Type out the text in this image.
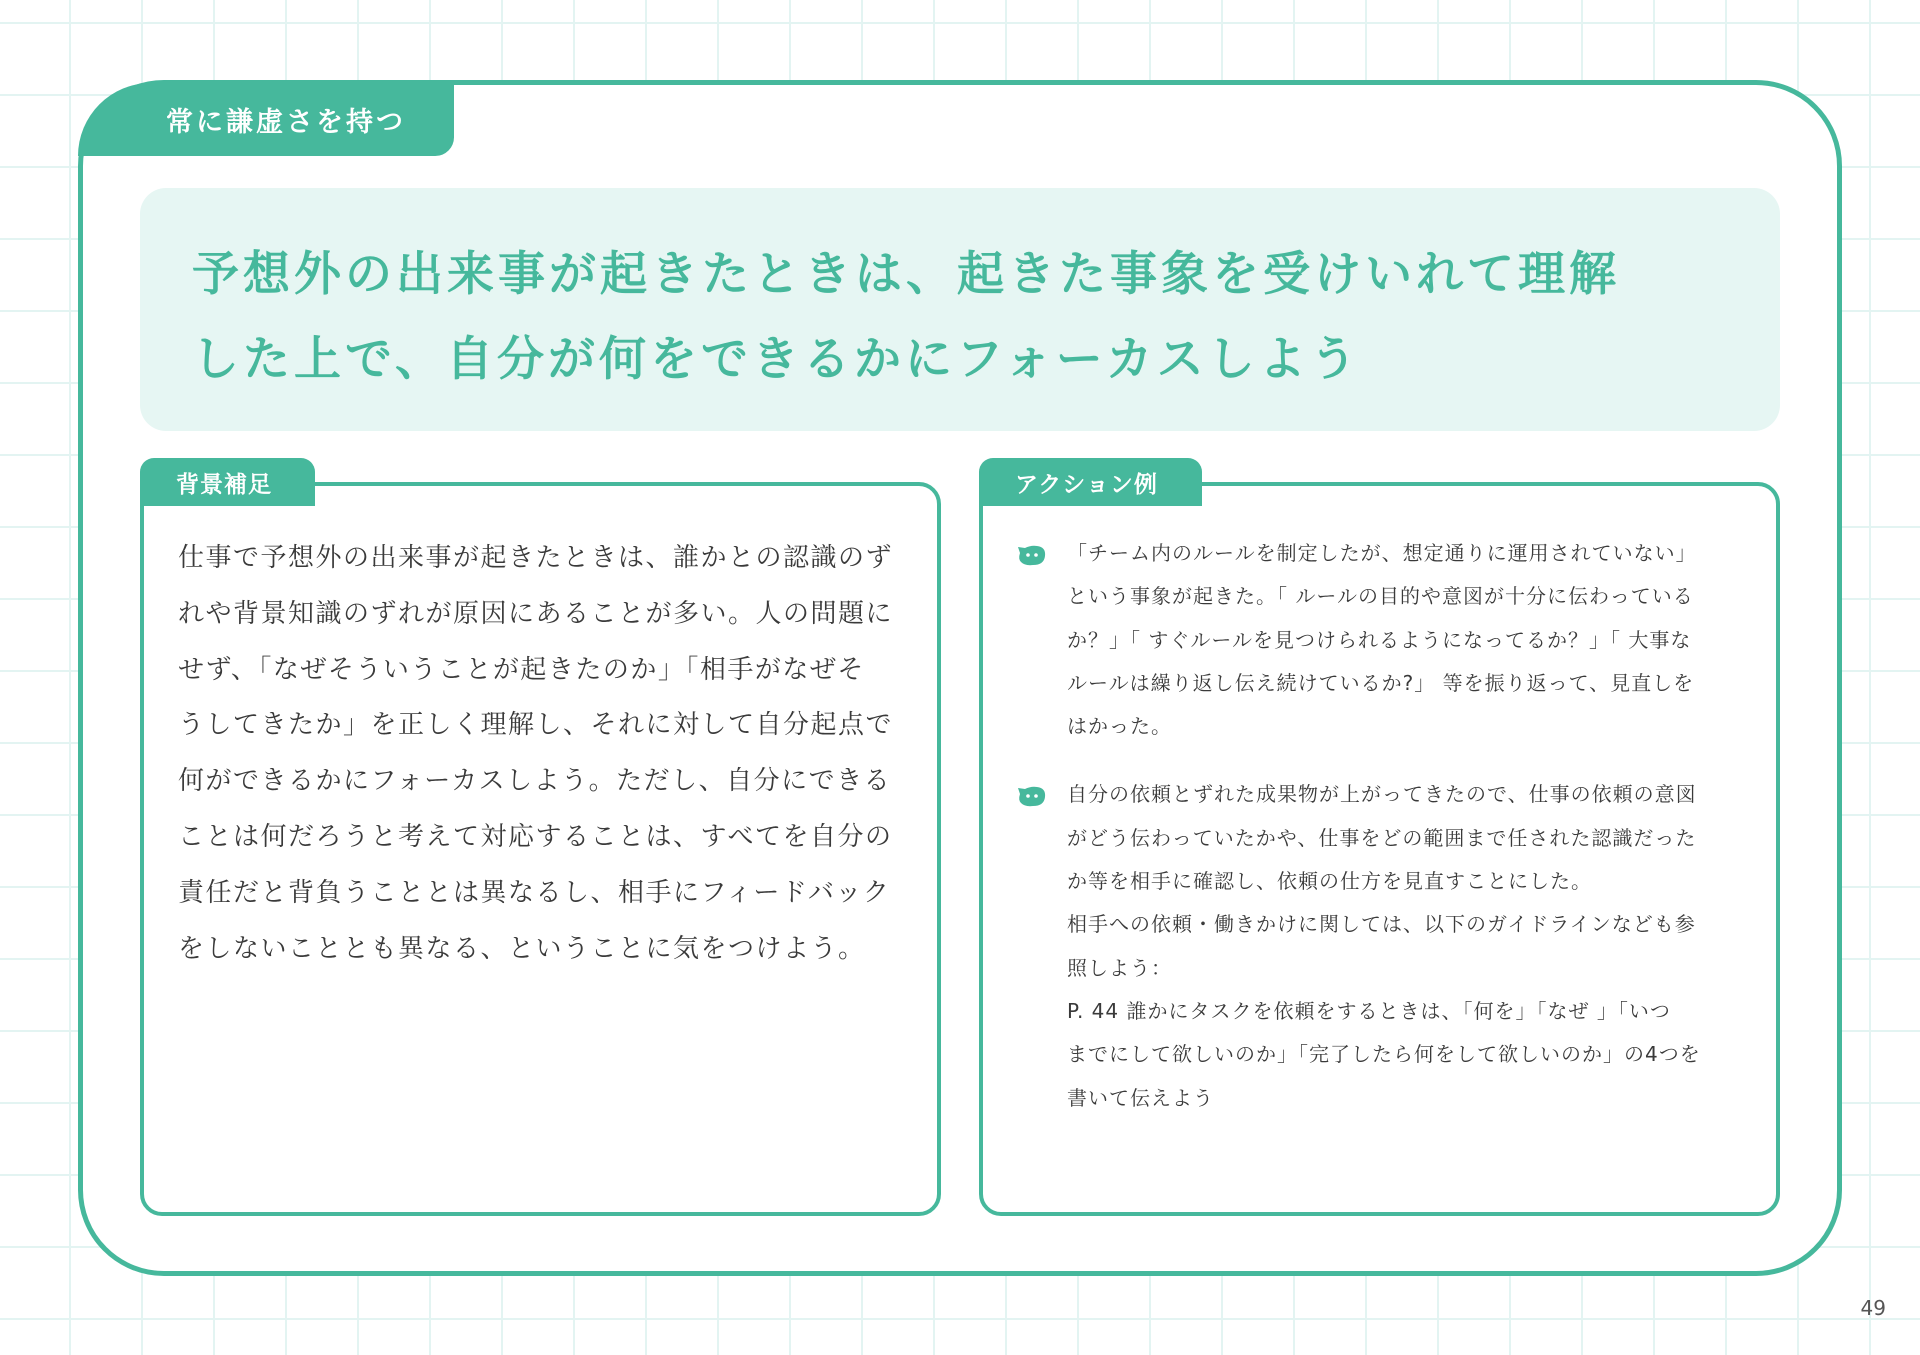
常に謙虚さを持つ

予想外の出来事が起きたときは、起きた事象を受けいれて理解

した上で、自分が何をできるかにフォーカスしよう

背景補足

仕事で予想外の出来事が起きたときは、誰かとの認識のず

れや背景知識のずれが原因にあることが多い。人の問題に

せず、「なぜそういうことが起きたのか」「相手がなぜそ

うしてきたか」を正しく理解し、それに対して自分起点で

何ができるかにフォーカスしよう。ただし、自分にできる

ことは何だろうと考えて対応することは、すべてを自分の

責任だと背負うこととは異なるし、相手にフィードバック

をしないこととも異なる、ということに気をつけよう。

アクション例

「チーム内のルールを制定したが、想定通りに運用されていない」

という事象が起きた。「 ルールの目的や意図が十分に伝わっている

か？」「 すぐルールを見つけられるようになってるか？」「 大事な

ルールは繰り返し伝え続けているか?」 等を振り返って、見直しを

はかった。

自分の依頼とずれた成果物が上がってきたので、仕事の依頼の意図

がどう伝わっていたかや、仕事をどの範囲まで任された認識だった

か等を相手に確認し、依頼の仕方を見直すことにした。

相手への依頼・働きかけに関しては、以下のガイドラインなども参

照しよう：

P. 44 誰かにタスクを依頼をするときは、「何を」「なぜ 」「いつ

までにして欲しいのか」「完了したら何をして欲しいのか」の4つを

書いて伝えよう

49
